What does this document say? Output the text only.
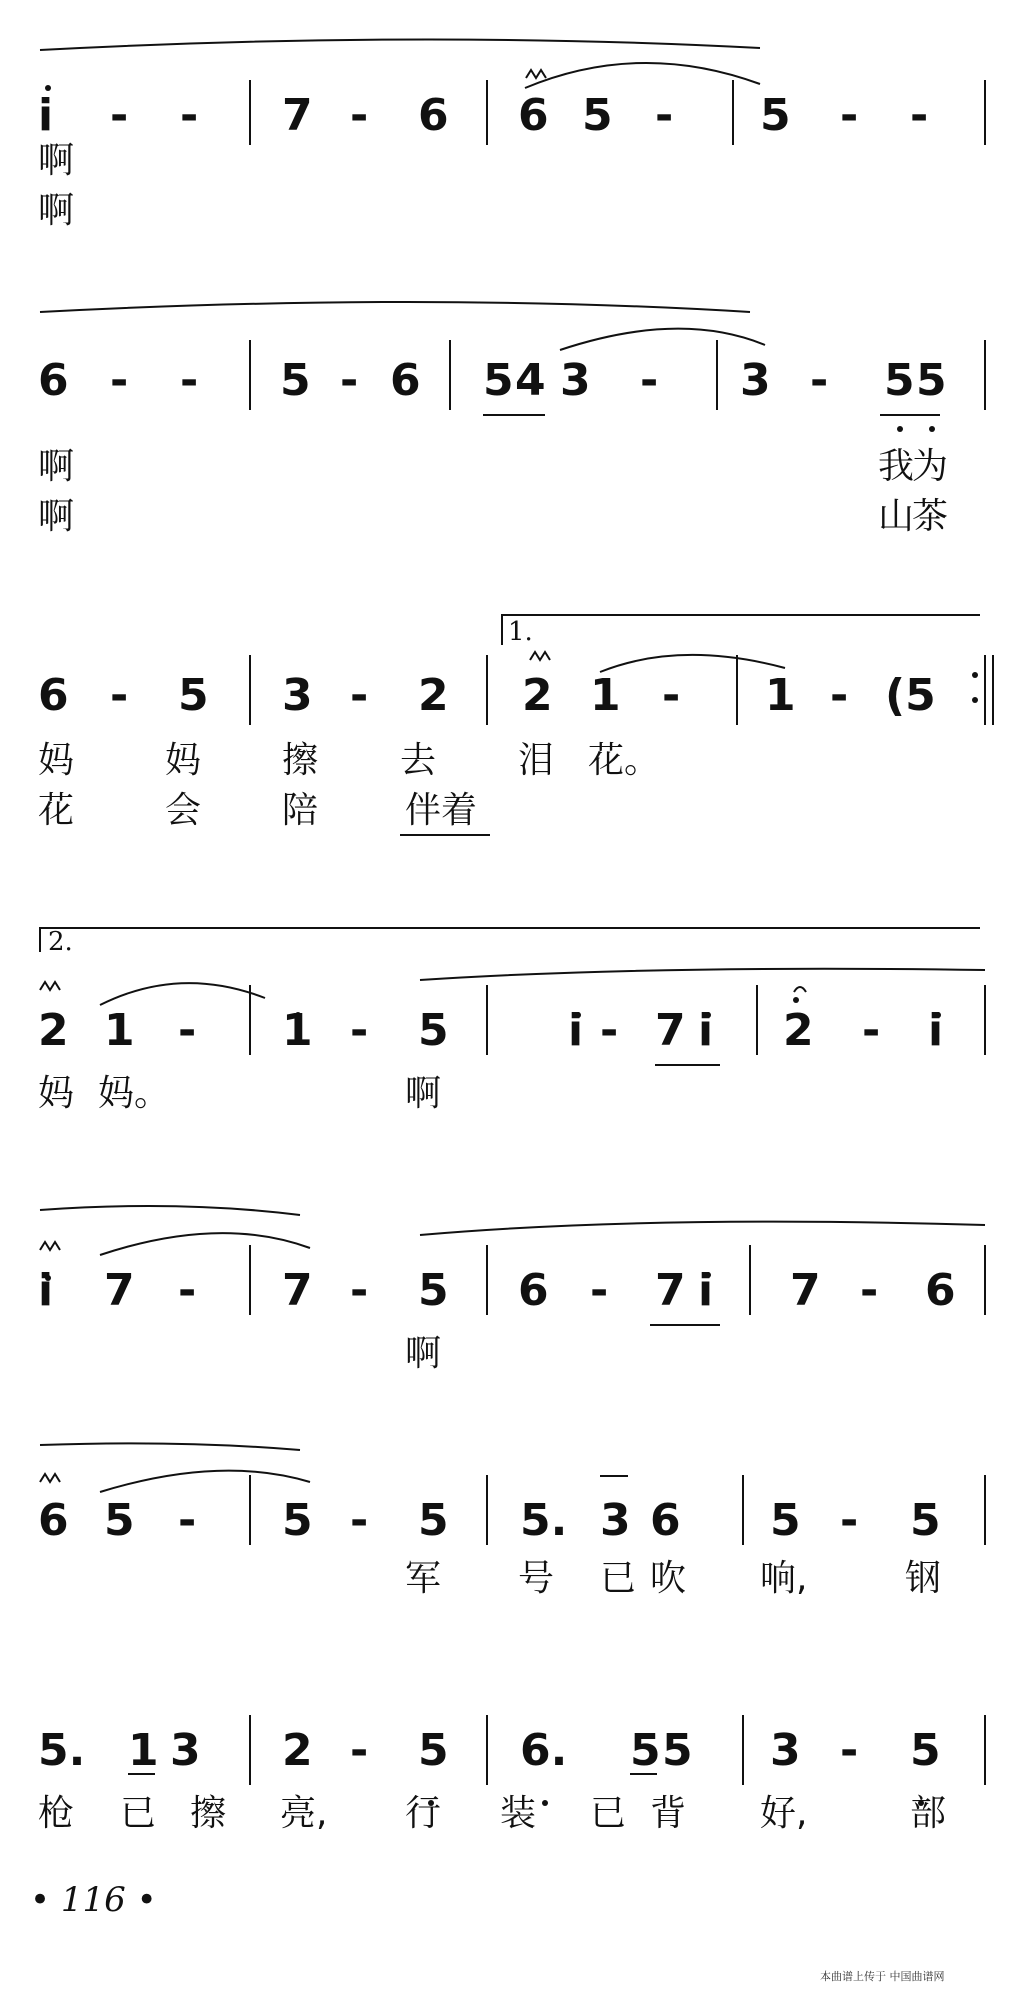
i - - 7 - 6 6 5 - 5 - -
6 - - 5 - 6 5 4 3 - 3 - 5 5
6 - 5 3 - 2 2 1 - 1 - (5
2 1 - 1 - 5	i - 7 i 2 - i
i 7 - 7 - 5 6 - 7 i 7 - 6
6 5 - 5 - 5 5. 3 6 5 - 5
5. 1 3 2 - 5 6. 5 5 3 - 5
1.
2.
啊
啊
啊	我
为
啊	山
茶
妈	妈 擦 去 泪 花。
花	会 陪 伴着
妈 妈。	啊
啊
军 号 已 吹 响,	钢
枪 已 擦 亮, 行 装 已 背 好,	部
• 116 •
本曲谱上传于 中国曲谱网
